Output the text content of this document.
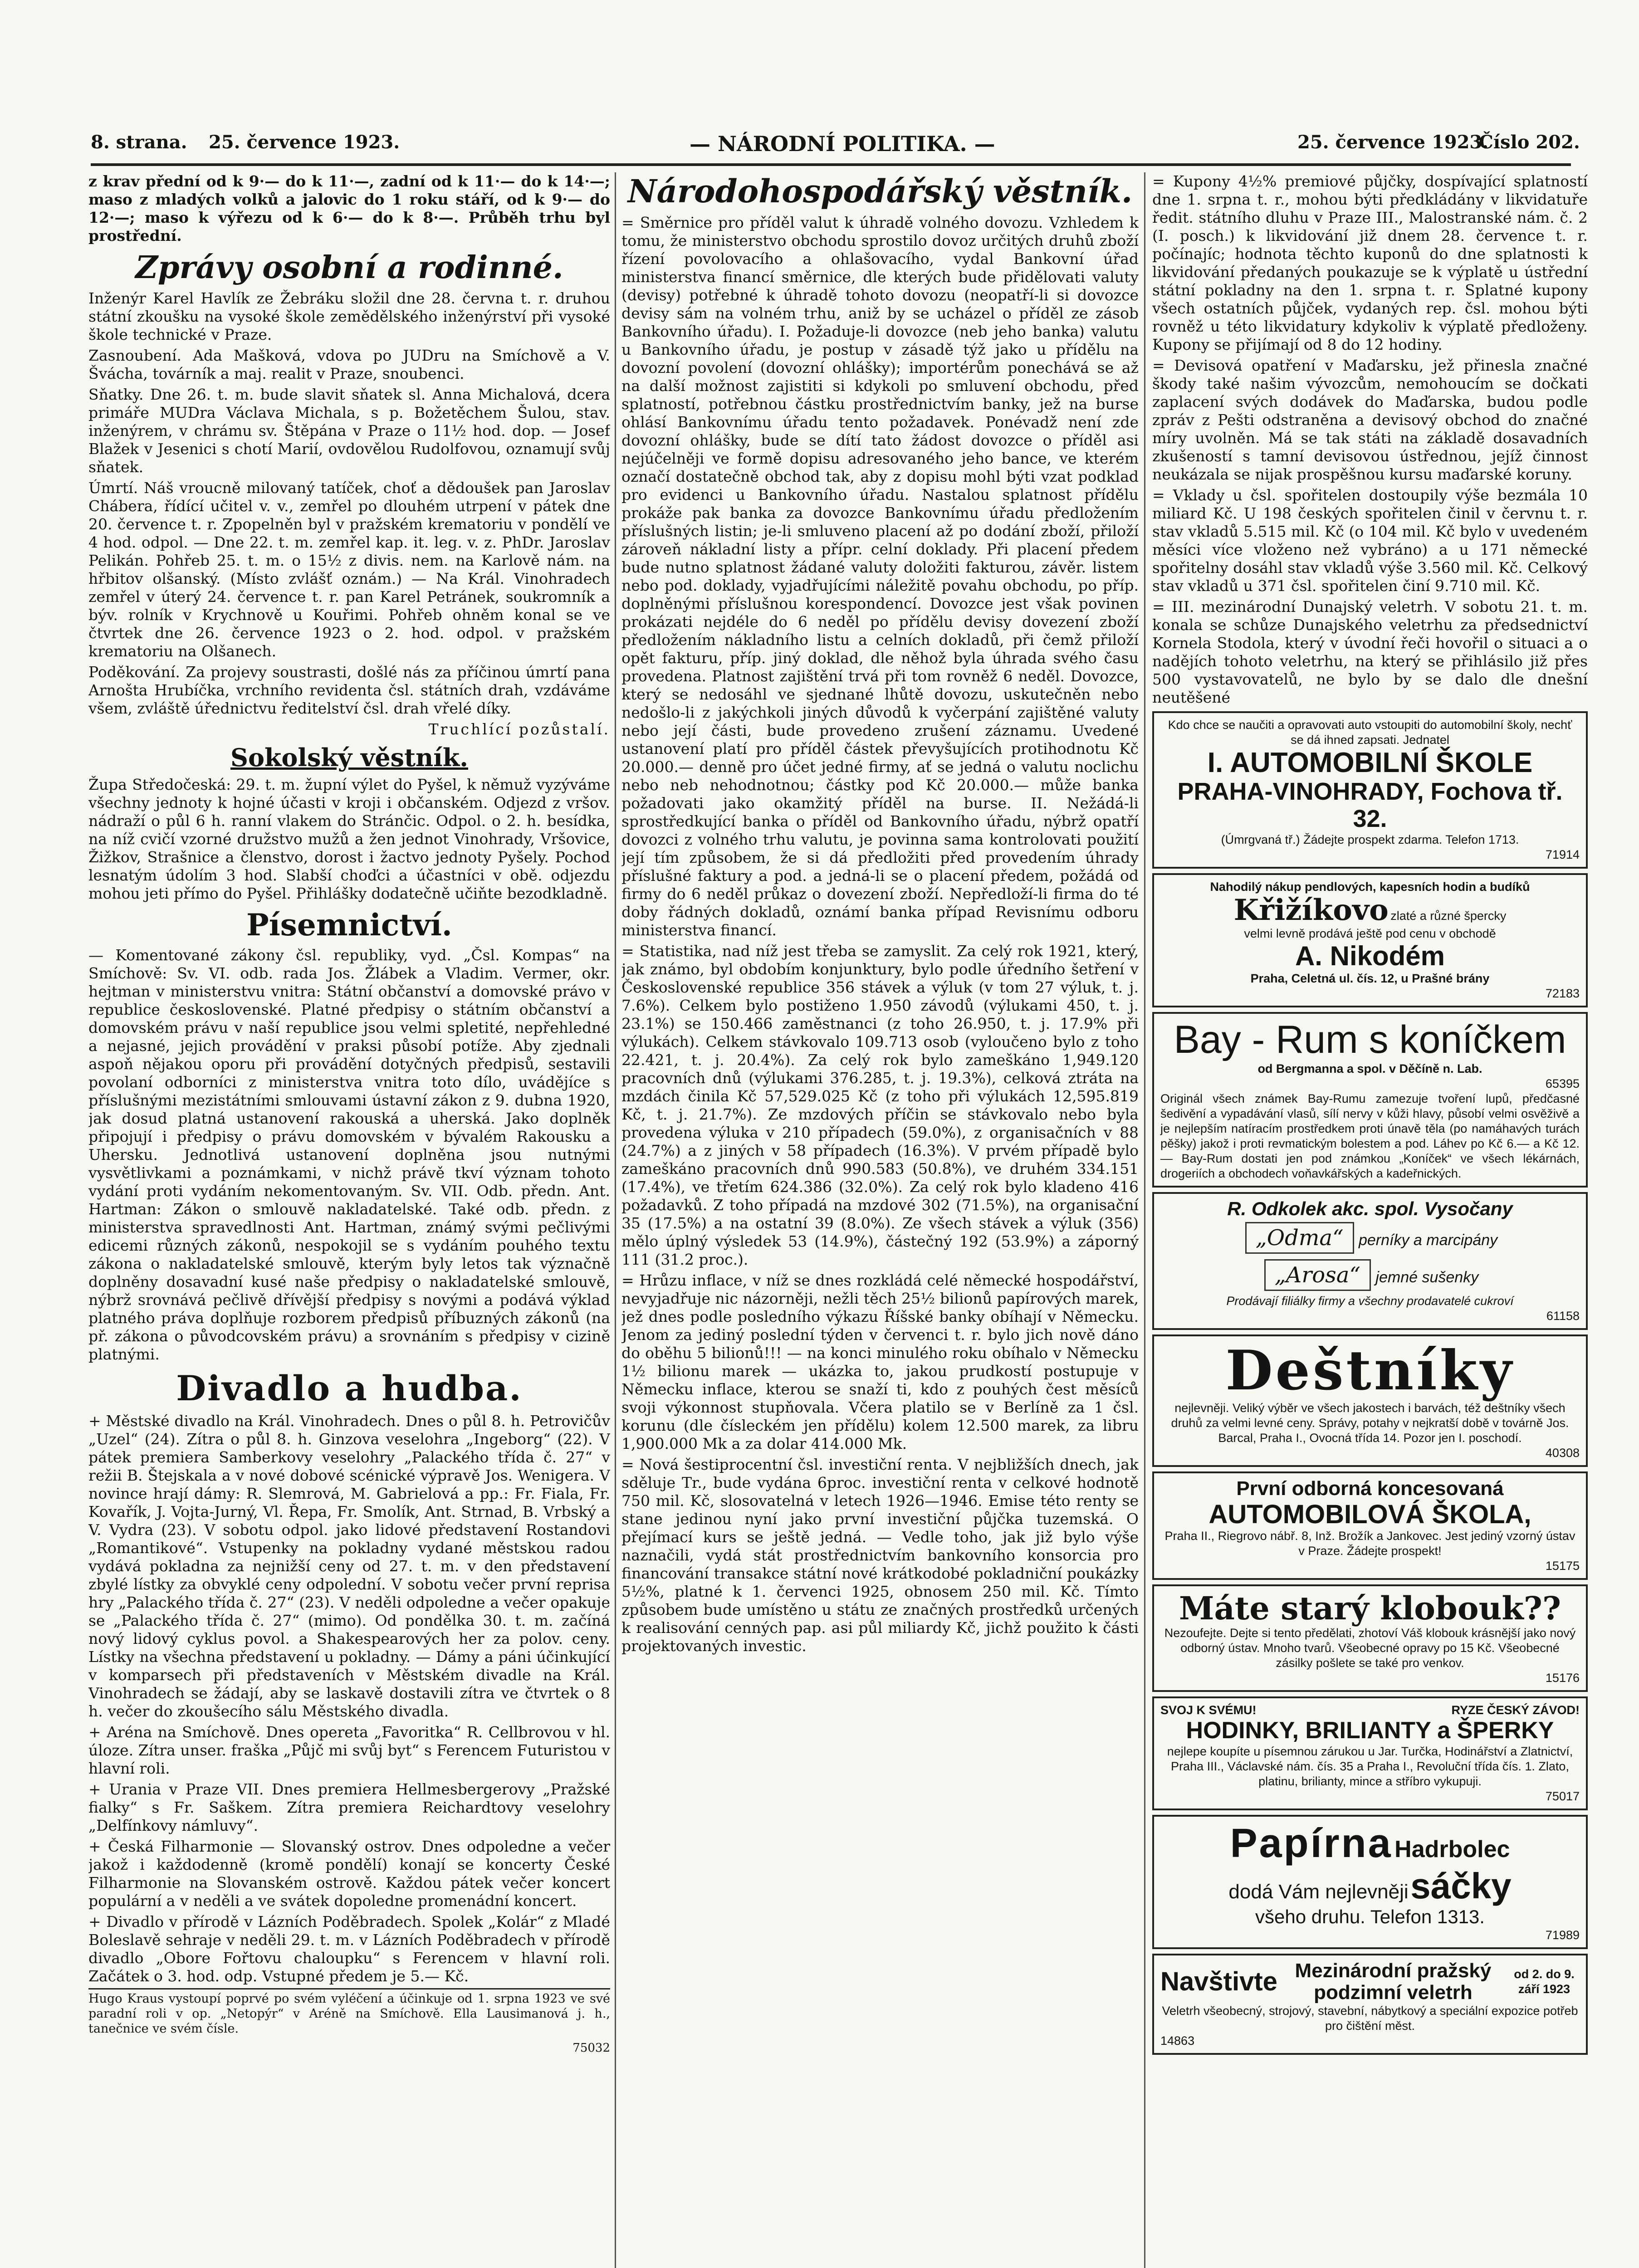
8. strana. 25. července 1923.	— NÁRODNÍ POLITIKA. —	25. července 1923.
Číslo 202.

z krav přední od k 9·— do k 11·—, zadní od k 11·— do k 14·—; maso z mladých volků a jalovic do 1 roku stáří, od k 9·— do 12·—; maso k výřezu od k 6·— do k 8·—. Průběh trhu byl prostřední.

Zprávy osobní a rodinné.

Inženýr Karel Havlík ze Žebráku složil dne 28. června t. r. druhou státní zkoušku na vysoké škole zemědělského inženýrství při vysoké škole technické v Praze.

Zasnoubení. Ada Mašková, vdova po JUDru na Smíchově a V. Švácha, továrník a maj. realit v Praze, snoubenci.

Sňatky. Dne 26. t. m. bude slavit sňatek sl. Anna Michalová, dcera primáře MUDra Václava Michala, s p. Božetěchem Šulou, stav. inženýrem, v chrámu sv. Štěpána v Praze o 11½ hod. dop. — Josef Blažek v Jesenici s chotí Marií, ovdovělou Rudolfovou, oznamují svůj sňatek.

Úmrtí. Náš vroucně milovaný tatíček, choť a dědoušek pan Jaroslav Chábera, řídící učitel v. v., zemřel po dlouhém utrpení v pátek dne 20. července t. r. Zpopelněn byl v pražském krematoriu v pondělí ve 4 hod. odpol. — Dne 22. t. m. zemřel kap. it. leg. v. z. PhDr. Jaroslav Pelikán. Pohřeb 25. t. m. o 15½ z divis. nem. na Karlově nám. na hřbitov olšanský. (Místo zvlášť oznám.) — Na Král. Vinohradech zemřel v úterý 24. července t. r. pan Karel Petránek, soukromník a býv. rolník v Krychnově u Kouřimi. Pohřeb ohněm konal se ve čtvrtek dne 26. července 1923 o 2. hod. odpol. v pražském krematoriu na Olšanech.

Poděkování. Za projevy soustrasti, došlé nás za příčinou úmrtí pana Arnošta Hrubíčka, vrchního revidenta čsl. státních drah, vzdáváme všem, zvláště úřednictvu ředitelství čsl. drah vřelé díky.

Truchlící pozůstalí.

Sokolský věstník.

Župa Středočeská: 29. t. m. župní výlet do Pyšel, k němuž vyzýváme všechny jednoty k hojné účasti v kroji i občanském. Odjezd z vršov. nádraží o půl 6 h. ranní vlakem do Stránčic. Odpol. o 2. h. besídka, na níž cvičí vzorné družstvo mužů a žen jednot Vinohrady, Vršovice, Žižkov, Strašnice a členstvo, dorost i žactvo jednoty Pyšely. Pochod lesnatým údolím 3 hod. Slabší choďci a účastníci v obě. odjezdu mohou jeti přímo do Pyšel. Přihlášky dodatečně učiňte bezodkladně.

Písemnictví.

— Komentované zákony čsl. republiky, vyd. „Čsl. Kompas“ na Smíchově: Sv. VI. odb. rada Jos. Žlábek a Vladim. Vermer, okr. hejtman v ministerstvu vnitra: Státní občanství a domovské právo v republice československé. Platné předpisy o státním občanství a domovském právu v naší republice jsou velmi spletité, nepřehledné a nejasné, jejich provádění v praksi působí potíže. Aby zjednali aspoň nějakou oporu při provádění dotyčných předpisů, sestavili povolaní odborníci z ministerstva vnitra toto dílo, uvádějíce s příslušnými mezistátními smlouvami ústavní zákon z 9. dubna 1920, jak dosud platná ustanovení rakouská a uherská. Jako doplněk připojují i předpisy o právu domovském v bývalém Rakousku a Uhersku. Jednotlivá ustanovení doplněna jsou nutnými vysvětlivkami a poznámkami, v nichž právě tkví význam tohoto vydání proti vydáním nekomentovaným. Sv. VII. Odb. předn. Ant. Hartman: Zákon o smlouvě nakladatelské. Také odb. předn. z ministerstva spravedlnosti Ant. Hartman, známý svými pečlivými edicemi různých zákonů, nespokojil se s vydáním pouhého textu zákona o nakladatelské smlouvě, kterým byly letos tak význačně doplněny dosavadní kusé naše předpisy o nakladatelské smlouvě, nýbrž srovnává pečlivě dřívější předpisy s novými a podává výklad platného práva doplňuje rozborem předpisů příbuzných zákonů (na př. zákona o původcovském právu) a srovnáním s předpisy v cizině platnými.

Divadlo a hudba.

+ Městské divadlo na Král. Vinohradech. Dnes o půl 8. h. Petrovičův „Uzel“ (24). Zítra o půl 8. h. Ginzova veselohra „Ingeborg“ (22). V pátek premiera Samberkovy veselohry „Palackého třída č. 27“ v režii B. Štejskala a v nové dobové scénické výpravě Jos. Wenigera. V novince hrají dámy: R. Slemrová, M. Gabrielová a pp.: Fr. Fiala, Fr. Kovařík, J. Vojta-Jurný, Vl. Řepa, Fr. Smolík, Ant. Strnad, B. Vrbský a V. Vydra (23). V sobotu odpol. jako lidové představení Rostandovi „Romantikové“. Vstupenky na pokladny vydané městskou radou vydává pokladna za nejnižší ceny od 27. t. m. v den představení zbylé lístky za obvyklé ceny odpolední. V sobotu večer první reprisa hry „Palackého třída č. 27“ (23). V neděli odpoledne a večer opakuje se „Palackého třída č. 27“ (mimo). Od pondělka 30. t. m. začíná nový lidový cyklus povol. a Shakespearových her za polov. ceny. Lístky na všechna představení u pokladny. — Dámy a páni účinkující v komparsech při představeních v Městském divadle na Král. Vinohradech se žádají, aby se laskavě dostavili zítra ve čtvrtek o 8 h. večer do zkoušecího sálu Městského divadla.

+ Aréna na Smíchově. Dnes operetа „Favoritka“ R. Cellbrovou v hl. úloze. Zítra unser. fraška „Půjč mi svůj byt“ s Ferencem Futuristou v hlavní roli.

+ Urania v Praze VII. Dnes premiera Hellmesbergerovy „Pražské fialky“ s Fr. Saškem. Zítra premiera Reichardtovy veselohry „Delfínkovy námluvy“.

+ Česká Filharmonie — Slovanský ostrov. Dnes odpoledne a večer jakož i každodenně (kromě pondělí) konají se koncerty České Filharmonie na Slovanském ostrově. Každou pátek večer koncert populární a v neděli a ve svátek dopoledne promenádní koncert.

+ Divadlo v přírodě v Lázních Poděbradech. Spolek „Kolár“ z Mladé Boleslavě sehraje v neděli 29. t. m. v Lázních Poděbradech v přírodě divadlo „Obore Fořtovu chaloupku“ s Ferencem v hlavní roli. Začátek o 3. hod. odp. Vstupné předem je 5.— Kč.

Hugo Kraus vystoupí poprvé po svém vyléčení a účinkuje od 1. srpna 1923 ve své paradní roli v op. „Netopýr“ v Aréně na Smíchově. Ella Lausimanová j. h., tanečnice ve svém čísle.

75032

Národohospodářský věstník.

= Směrnice pro příděl valut k úhradě volného dovozu. Vzhledem k tomu, že ministerstvo obchodu sprostilo dovoz určitých druhů zboží řízení povolovacího a ohlašovacího, vydal Bankovní úřad ministerstva financí směrnice, dle kterých bude přidělovati valuty (devisy) potřebné k úhradě tohoto dovozu (neopatří-li si dovozce devisy sám na volném trhu, aniž by se ucházel o příděl ze zásob Bankovního úřadu). I. Požaduje-li dovozce (neb jeho banka) valutu u Bankovního úřadu, je postup v zásadě týž jako u přídělu na dovozní povolení (dovozní ohlášky); importérům ponechává se až na další možnost zajistiti si kdykoli po smluvení obchodu, před splatností, potřebnou částku prostřednictvím banky, jež na burse ohlásí Bankovnímu úřadu tento požadavek. Ponévadž není zde dovozní ohlášky, bude se dítí tato žádost dovozce o příděl asi nejúčelněji ve formě dopisu adresovaného jeho bance, ve kterém označí dostatečně obchod tak, aby z dopisu mohl býti vzat podklad pro evidenci u Bankovního úřadu. Nastalou splatnost přídělu prokáže pak banka za dovozce Bankovnímu úřadu předložením příslušných listin; je-li smluveno placení až po dodání zboží, přiloží zároveň nákladní listy a přípr. celní doklady. Při placení předem bude nutno splatnost žádané valuty doložiti fakturou, závěr. listem nebo pod. doklady, vyjadřujícími náležitě povahu obchodu, po příp. doplněnými příslušnou korespondencí. Dovozce jest však povinen prokázati nejdéle do 6 neděl po přídělu devisy dovezení zboží předložením nákladního listu a celních dokladů, při čemž přiloží opět fakturu, příp. jiný doklad, dle něhož byla úhrada svého času provedena. Platnost zajištění trvá při tom rovněž 6 neděl. Dovozce, který se nedosáhl ve sjednané lhůtě dovozu, uskutečněn nebo nedošlo-li z jakýchkoli jiných důvodů k vyčerpání zajištěné valuty nebo její části, bude provedeno zrušení záznamu. Uvedené ustanovení platí pro příděl částek převyšujících protihodnotu Kč 20.000.— denně pro účet jedné firmy, ať se jedná o valutu noclichu nebo neb nehodnotnou; částky pod Kč 20.000.— může banka požadovati jako okamžitý příděl na burse. II. Nežádá-li sprostředkující banka o příděl od Bankovního úřadu, nýbrž opatří dovozci z volného trhu valutu, je povinna sama kontrolovati použití její tím způsobem, že si dá předložiti před provedením úhrady příslušné faktury a pod. a jedná-li se o placení předem, požádá od firmy do 6 neděl průkaz o dovezení zboží. Nepředloží-li firma do té doby řádných dokladů, oznámí banka případ Revisnímu odboru ministerstva financí.

= Statistika, nad níž jest třeba se zamyslit. Za celý rok 1921, který, jak známo, byl obdobím konjunktury, bylo podle úředního šetření v Československé republice 356 stávek a výluk (v tom 27 výluk, t. j. 7.6%). Celkem bylo postiženo 1.950 závodů (výlukami 450, t. j. 23.1%) se 150.466 zaměstnanci (z toho 26.950, t. j. 17.9% při výlukách). Celkem stávkovalo 109.713 osob (vyloučeno bylo z toho 22.421, t. j. 20.4%). Za celý rok bylo zameškáno 1,949.120 pracovních dnů (výlukami 376.285, t. j. 19.3%), celková ztráta na mzdách činila Kč 57,529.025 Kč (z toho při výlukách 12,595.819 Kč, t. j. 21.7%). Ze mzdových příčin se stávkovalo nebo byla provedena výluka v 210 případech (59.0%), z organisačních v 88 (24.7%) a z jiných v 58 případech (16.3%). V prvém případě bylo zameškáno pracovních dnů 990.583 (50.8%), ve druhém 334.151 (17.4%), ve třetím 624.386 (32.0%). Za celý rok bylo kladeno 416 požadavků. Z toho případá na mzdové 302 (71.5%), na organisační 35 (17.5%) a na ostatní 39 (8.0%). Ze všech stávek a výluk (356) mělo úplný výsledek 53 (14.9%), částečný 192 (53.9%) a záporný 111 (31.2 proc.).

= Hrůzu inflace, v níž se dnes rozkládá celé německé hospodářství, nevyjadřuje nic názorněji, nežli těch 25½ bilionů papírových marek, jež dnes podle posledního výkazu Říšské banky obíhají v Německu. Jenom za jediný poslední týden v červenci t. r. bylo jich nově dáno do oběhu 5 bilionů!!! — na konci minulého roku obíhalo v Německu 1½ bilionu marek — ukázka to, jakou prudkostí postupuje v Německu inflace, kterou se snaží ti, kdo z pouhých čest měsíců svoji výkonnost stupňovala. Včera platilo se v Berlíně za 1 čsl. korunu (dle čísleckém jen přídělu) kolem 12.500 marek, za libru 1,900.000 Mk a za dolar 414.000 Mk.

= Nová šestiprocentní čsl. investiční renta. V nejbližších dnech, jak sděluje Tr., bude vydána 6proc. investiční renta v celkové hodnotě 750 mil. Kč, slosovatelná v letech 1926—1946. Emise této renty se stane jedinou nyní jako první investiční půjčka tuzemská. O přejímací kurs se ještě jedná. — Vedle toho, jak již bylo výše naznačili, vydá stát prostřednictvím bankovního konsorcia pro financování transakce státní nové krátkodobé pokladniční poukázky 5½%, platné k 1. červenci 1925, obnosem 250 mil. Kč. Tímto způsobem bude umístěno u státu ze značných prostředků určených k realisování cenných pap. asi půl miliardy Kč, jichž použito k části projektovaných investic.

= Kupony 4½% premiové půjčky, dospívající splatností dne 1. srpna t. r., mohou býti předkládány v likvidatuře ředit. státního dluhu v Praze III., Malostranské nám. č. 2 (I. posch.) k likvidování již dnem 28. července t. r. počínajíc; hodnota těchto kuponů do dne splatnosti k likvidování předaných poukazuje se k výplatě u ústřední státní pokladny na den 1. srpna t. r. Splatné kupony všech ostatních půjček, vydaných rep. čsl. mohou býti rovněž u této likvidatury kdykoliv k výplatě předloženy. Kupony se přijímají od 8 do 12 hodiny.

= Devisová opatření v Maďarsku, jež přinesla značné škody také našim vývozcům, nemohoucím se dočkati zaplacení svých dodávek do Maďarska, budou podle zpráv z Pešti odstraněna a devisový obchod do značné míry uvolněn. Má se tak státi na základě dosavadních zkušeností s tamní devisovou ústřednou, jejíž činnost neukázala se nijak prospěšnou kursu maďarské koruny.

= Vklady u čsl. spořitelen dostoupily výše bezmála 10 miliard Kč. U 198 českých spořitelen činil v červnu t. r. stav vkladů 5.515 mil. Kč (o 104 mil. Kč bylo v uvedeném měsíci více vloženo než vybráno) a u 171 německé spořitelny dosáhl stav vkladů výše 3.560 mil. Kč. Celkový stav vkladů u 371 čsl. spořitelen činí 9.710 mil. Kč.

= III. mezinárodní Dunajský veletrh. V sobotu 21. t. m. konala se schůze Dunajského veletrhu za předsednictví Kornela Stodola, který v úvodní řeči hovořil o situaci a o nadějích tohoto veletrhu, na který se přihlásilo již přes 500 vystavovatelů, ne bylo by se dalo dle dnešní neutěšené

Kdo chce se naučiti a opravovati auto vstoupiti do automobilní školy, nechť se dá ihned zapsati. Jednatel
I. AUTOMOBILNÍ ŠKOLE
PRAHA-VINOHRADY, Fochova tř. 32.
(Úmrgvaná tř.) Žádejte prospekt zdarma. Telefon 1713.
71914
Nahodilý nákup pendlových, kapesních hodin a budíků
Křižíkovo zlaté a různé špercky
velmi levně prodává ještě pod cenu v obchodě
A. Nikodém
Praha, Celetná ul. čís. 12, u Prašné brány
72183
Bay - Rum s koníčkem
od Bergmanna a spol. v Děčíně n. Lab.
65395
Originál všech známek Bay-Rumu zamezuje tvoření lupů, předčasné šedivění a vypadávání vlasů, sílí nervy v kůži hlavy, působí velmi osvěživě a je nejlepším natíracím prostředkem proti únavě těla (po namáhavých turách pěšky) jakož i proti revmatickým bolestem a pod. Láhev po Kč 6.— a Kč 12.— Bay-Rum dostati jen pod známkou „Koníček“ ve všech lékárnách, drogeriích a obchodech voňavkářských a kadeřnických.
R. Odkolek akc. spol. Vysočany
„Odma“ perníky a marcipány
„Arosa“ jemné sušenky
Prodávají filiálky firmy a všechny prodavatelé cukroví
61158
Deštníky
nejlevněji. Veliký výběr ve všech jakostech i barvách, též deštníky všech druhů za velmi levné ceny. Správy, potahy v nejkratší době v továrně Jos. Barcal, Praha I., Ovocná třída 14. Pozor jen I. poschodí.
40308
První odborná koncesovaná
AUTOMOBILOVÁ ŠKOLA,
Praha II., Riegrovo nábř. 8, Inž. Brožík a Jankovec. Jest jediný vzorný ústav v Praze. Žádejte prospekt!
15175
Máte starý klobouk??
Nezoufejte. Dejte si tento předělati, zhotoví Váš klobouk krásnější jako nový odborný ústav. Mnoho tvarů. Všeobecné opravy po 15 Kč. Všeobecné zásilky pošlete se také pro venkov.
15176
SVOJ K SVÉMU!	RYZE ČESKÝ ZÁVOD!
HODINKY, BRILIANTY a ŠPERKY
nejlepe koupíte u písemnou zárukou u Jar. Turčka, Hodinářství a Zlatnictví, Praha III., Václavské nám. čís. 35 a Praha I., Revoluční třída čís. 1. Zlato, platinu, brilianty, mince a stříbro vykupuji.
75017
Papírna Hadrbolec
dodá Vám nejlevněji sáčky
všeho druhu. Telefon 1313.
71989
Navštivte Mezinárodní pražský podzimní veletrh
od 2. do 9. září 1923
Veletrh všeobecný, strojový, stavební, nábytkový a speciální expozice potřeb pro čištění měst.
14863
